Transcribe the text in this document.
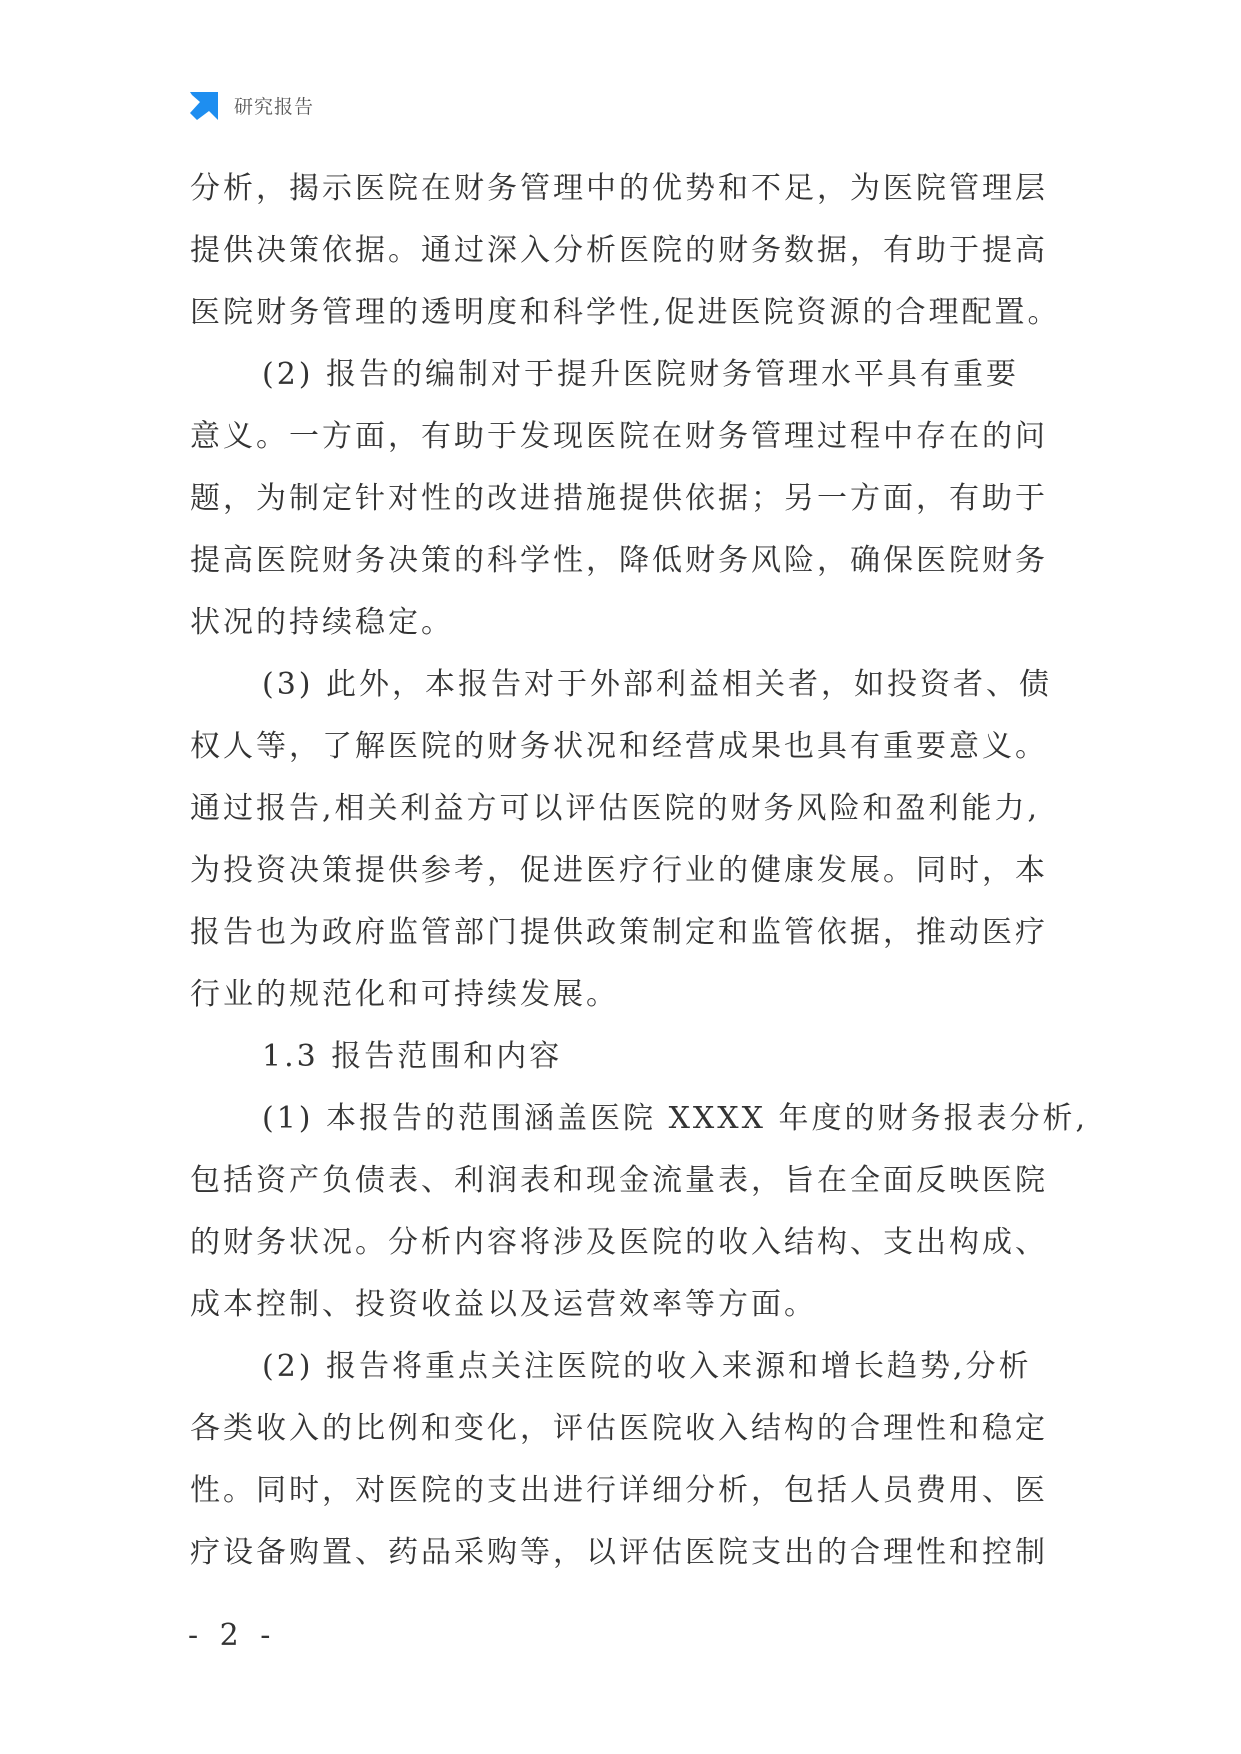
研究报告
分析，揭示医院在财务管理中的优势和不足，为医院管理层
提供决策依据。通过深入分析医院的财务数据，有助于提高
医院财务管理的透明度和科学性,促进医院资源的合理配置。
(2) 报告的编制对于提升医院财务管理水平具有重要
意义。一方面，有助于发现医院在财务管理过程中存在的问
题，为制定针对性的改进措施提供依据；另一方面，有助于
提高医院财务决策的科学性，降低财务风险，确保医院财务
状况的持续稳定。
(3) 此外，本报告对于外部利益相关者，如投资者、债
权人等，了解医院的财务状况和经营成果也具有重要意义。
通过报告,相关利益方可以评估医院的财务风险和盈利能力,
为投资决策提供参考，促进医疗行业的健康发展。同时，本
报告也为政府监管部门提供政策制定和监管依据，推动医疗
行业的规范化和可持续发展。
1.3 报告范围和内容
(1) 本报告的范围涵盖医院 XXXX 年度的财务报表分析,
包括资产负债表、利润表和现金流量表，旨在全面反映医院
的财务状况。分析内容将涉及医院的收入结构、支出构成、
成本控制、投资收益以及运营效率等方面。
(2) 报告将重点关注医院的收入来源和增长趋势,分析
各类收入的比例和变化，评估医院收入结构的合理性和稳定
性。同时，对医院的支出进行详细分析，包括人员费用、医
疗设备购置、药品采购等，以评估医院支出的合理性和控制
- 2 -
